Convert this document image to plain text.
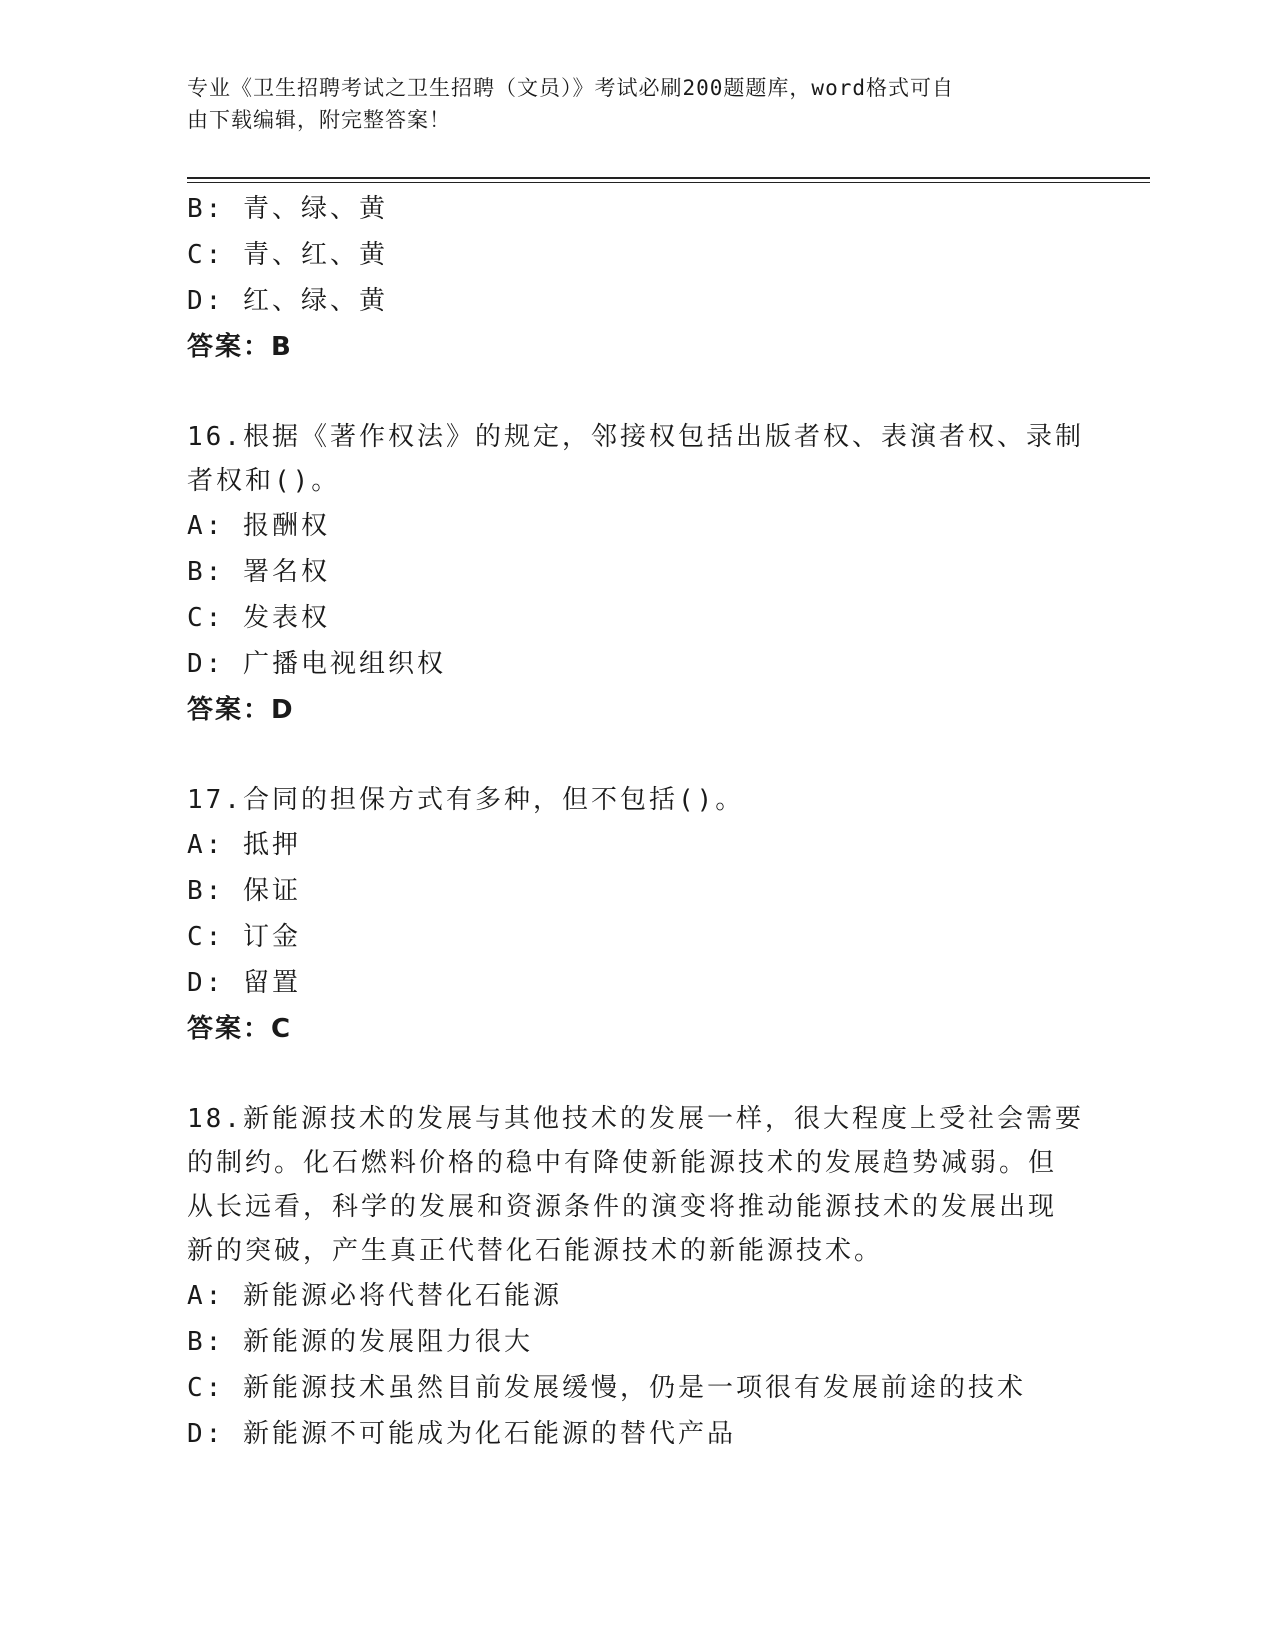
专业《卫生招聘考试之卫生招聘（文员）》考试必刷200题题库，word格式可自
由下载编辑，附完整答案！
B: 青、绿、黄
C: 青、红、黄
D: 红、绿、黄
答案：B
16.根据《著作权法》的规定，邻接权包括出版者权、表演者权、录制
者权和()。
A: 报酬权
B: 署名权
C: 发表权
D: 广播电视组织权
答案：D
17.合同的担保方式有多种，但不包括()。
A: 抵押
B: 保证
C: 订金
D: 留置
答案：C
18.新能源技术的发展与其他技术的发展一样，很大程度上受社会需要
的制约。化石燃料价格的稳中有降使新能源技术的发展趋势减弱。但
从长远看，科学的发展和资源条件的演变将推动能源技术的发展出现
新的突破，产生真正代替化石能源技术的新能源技术。
A: 新能源必将代替化石能源
B: 新能源的发展阻力很大
C: 新能源技术虽然目前发展缓慢，仍是一项很有发展前途的技术
D: 新能源不可能成为化石能源的替代产品
